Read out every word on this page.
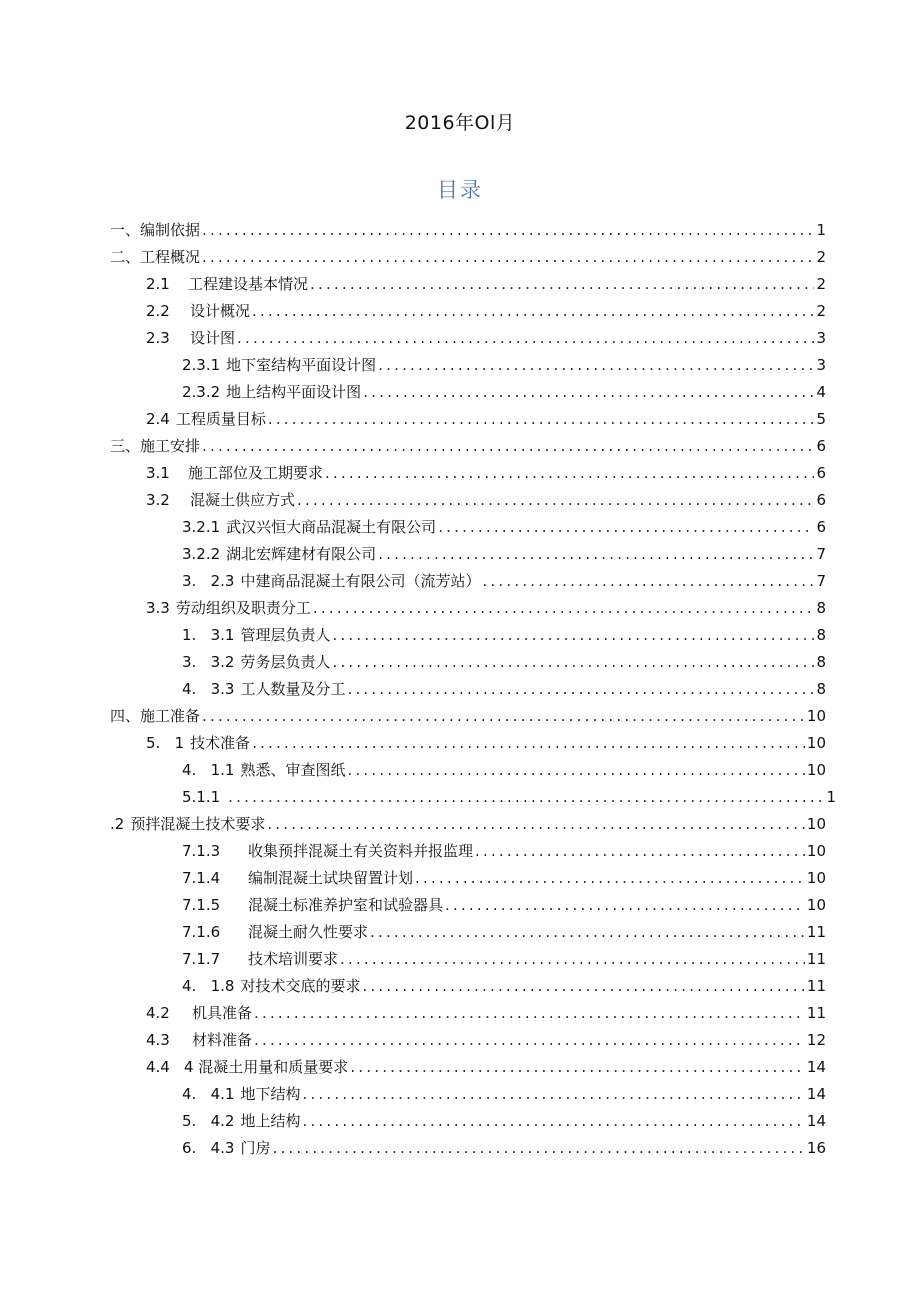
2016年Ol月
目录
一、编制依据 .....	1
二、工程概况 .....	2
2.1	工程建设基本情况 .....	2
2.2	设计概况 .....	2
2.3	设计图 .....	3
2.3.1 地下室结构平面设计图 .....	3
2.3.2 地上结构平面设计图 .....	4
2.4 工程质量目标 .....	5
三、施工安排 .....	6
3.1	施工部位及工期要求 .....	6
3.2	混凝土供应方式 .....	6
3.2.1 武汉兴恒大商品混凝土有限公司 .....	6
3.2.2 湖北宏辉建材有限公司 .....	7
3.   2.3 中建商品混凝土有限公司（流芳站） .....	7
3.3 劳动组织及职责分工 .....	8
1.   3.1 管理层负责人 .....	8
3.   3.2 劳务层负责人 .....	8
4.   3.3 工人数量及分工 .....	8
四、施工准备 .....	10
5.   1 技术准备 .....	10
4.   1.1 熟悉、审查图纸 .....	10
5.1.1 .....	1
.2 预拌混凝土技术要求 .....	10
7.1.3	收集预拌混凝土有关资料并报监理 .....	10
7.1.4	编制混凝土试块留置计划 .....	10
7.1.5	混凝土标准养护室和试验器具 .....	10
7.1.6	混凝土耐久性要求 .....	11
7.1.7	技术培训要求 .....	11
4.   1.8 对技术交底的要求 .....	11
4.2	机具准备 .....	11
4.3	材料准备 .....	12
4.4 4 混凝土用量和质量要求 .....	14
4.   4.1 地下结构 .....	14
5.   4.2 地上结构 .....	14
6.   4.3 门房 .....	16
